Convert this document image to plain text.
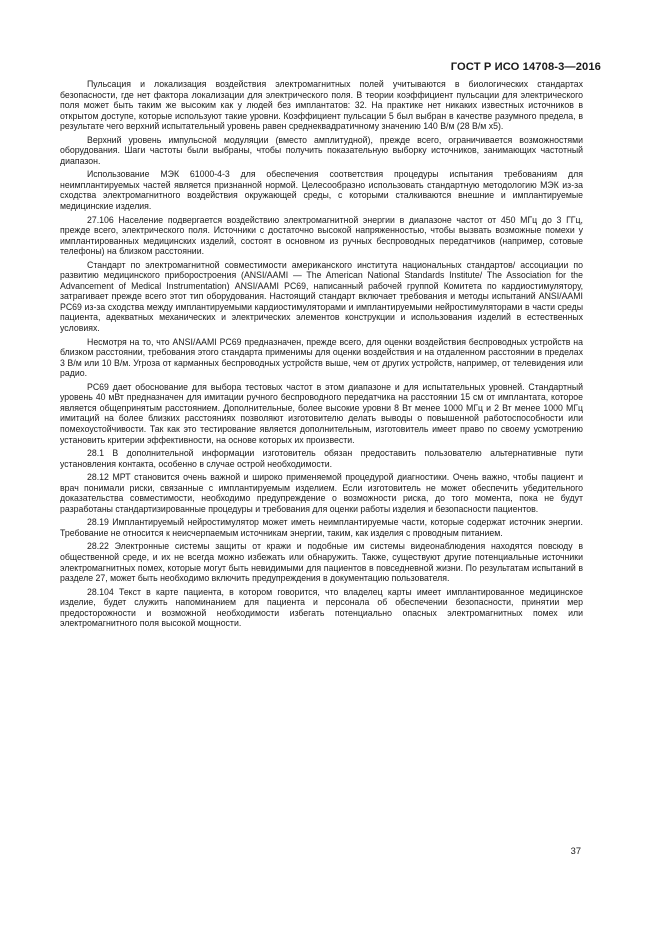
ГОСТ Р ИСО 14708-3—2016

Пульсация и локализация воздействия электромагнитных полей учитываются в биологических стандартах безопасности, где нет фактора локализации для электрического поля. В теории коэффициент пульсации для электрического поля может быть таким же высоким как у людей без имплантатов: 32. На практике нет никаких известных источников в открытом доступе, которые используют такие уровни. Коэффициент пульсации 5 был выбран в качестве разумного предела, в результате чего верхний испытательный уровень равен среднеквадратичному значению 140 В/м (28 В/м х5).

Верхний уровень импульсной модуляции (вместо амплитудной), прежде всего, ограничивается возможностями оборудования. Шаги частоты были выбраны, чтобы получить показательную выборку источников, занимающих частотный диапазон.

Использование МЭК 61000-4-3 для обеспечения соответствия процедуры испытания требованиям для неимплантируемых частей является признанной нормой. Целесообразно использовать стандартную методологию МЭК из-за сходства электромагнитного воздействия окружающей среды, с которыми сталкиваются внешние и имплантируемые медицинские изделия.

27.106 Население подвергается воздействию электромагнитной энергии в диапазоне частот от 450 МГц до 3 ГГц, прежде всего, электрического поля. Источники с достаточно высокой напряженностью, чтобы вызвать возможные помехи у имплантированных медицинских изделий, состоят в основном из ручных беспроводных передатчиков (например, сотовые телефоны) на близком расстоянии.

Стандарт по электромагнитной совместимости американского института национальных стандартов/ ассоциации по развитию медицинского приборостроения (ANSI/AAMI — The American National Standards Institute/ The Association for the Advancement of Medical Instrumentation) ANSI/AAMI PC69, написанный рабочей группой Комитета по кардиостимулятору, затрагивает прежде всего этот тип оборудования. Настоящий стандарт включает требования и методы испытаний ANSI/AAMI PC69 из-за сходства между имплантируемыми кардиостимуляторами и имплантируемыми нейростимуляторами в части среды пациента, адекватных механических и электрических элементов конструкции и использования изделий в естественных условиях.

Несмотря на то, что ANSI/AAMI PC69 предназначен, прежде всего, для оценки воздействия беспроводных устройств на близком расстоянии, требования этого стандарта применимы для оценки воздействия и на отдаленном расстоянии в пределах 3 В/м или 10 В/м. Угроза от карманных беспроводных устройств выше, чем от других устройств, например, от телевидения или радио.

PC69 дает обоснование для выбора тестовых частот в этом диапазоне и для испытательных уровней. Стандартный уровень 40 мВт предназначен для имитации ручного беспроводного передатчика на расстоянии 15 см от имплантата, которое является общепринятым расстоянием. Дополнительные, более высокие уровни 8 Вт менее 1000 МГц и 2 Вт менее 1000 МГц имитаций на более близких расстояниях позволяют изготовителю делать выводы о повышенной работоспособности или помехоустойчивости. Так как это тестирование является дополнительным, изготовитель имеет право по своему усмотрению установить критерии эффективности, на основе которых их произвести.

28.1 В дополнительной информации изготовитель обязан предоставить пользователю альтернативные пути установления контакта, особенно в случае острой необходимости.

28.12 МРТ становится очень важной и широко применяемой процедурой диагностики. Очень важно, чтобы пациент и врач понимали риски, связанные с имплантируемым изделием. Если изготовитель не может обеспечить убедительного доказательства совместимости, необходимо предупреждение о возможности риска, до того момента, пока не будут разработаны стандартизированные процедуры и требования для оценки работы изделия и безопасности пациентов.

28.19 Имплантируемый нейростимулятор может иметь неимплантируемые части, которые содержат источник энергии. Требование не относится к неисчерпаемым источникам энергии, таким, как изделия с проводным питанием.

28.22 Электронные системы защиты от кражи и подобные им системы видеонаблюдения находятся повсюду в общественной среде, и их не всегда можно избежать или обнаружить. Также, существуют другие потенциальные источники электромагнитных помех, которые могут быть невидимыми для пациентов в повседневной жизни. По результатам испытаний в разделе 27, может быть необходимо включить предупреждения в документацию пользователя.

28.104 Текст в карте пациента, в котором говорится, что владелец карты имеет имплантированное медицинское изделие, будет служить напоминанием для пациента и персонала об обеспечении безопасности, принятии мер предосторожности и возможной необходимости избегать потенциально опасных электромагнитных помех или электромагнитного поля высокой мощности.

37
